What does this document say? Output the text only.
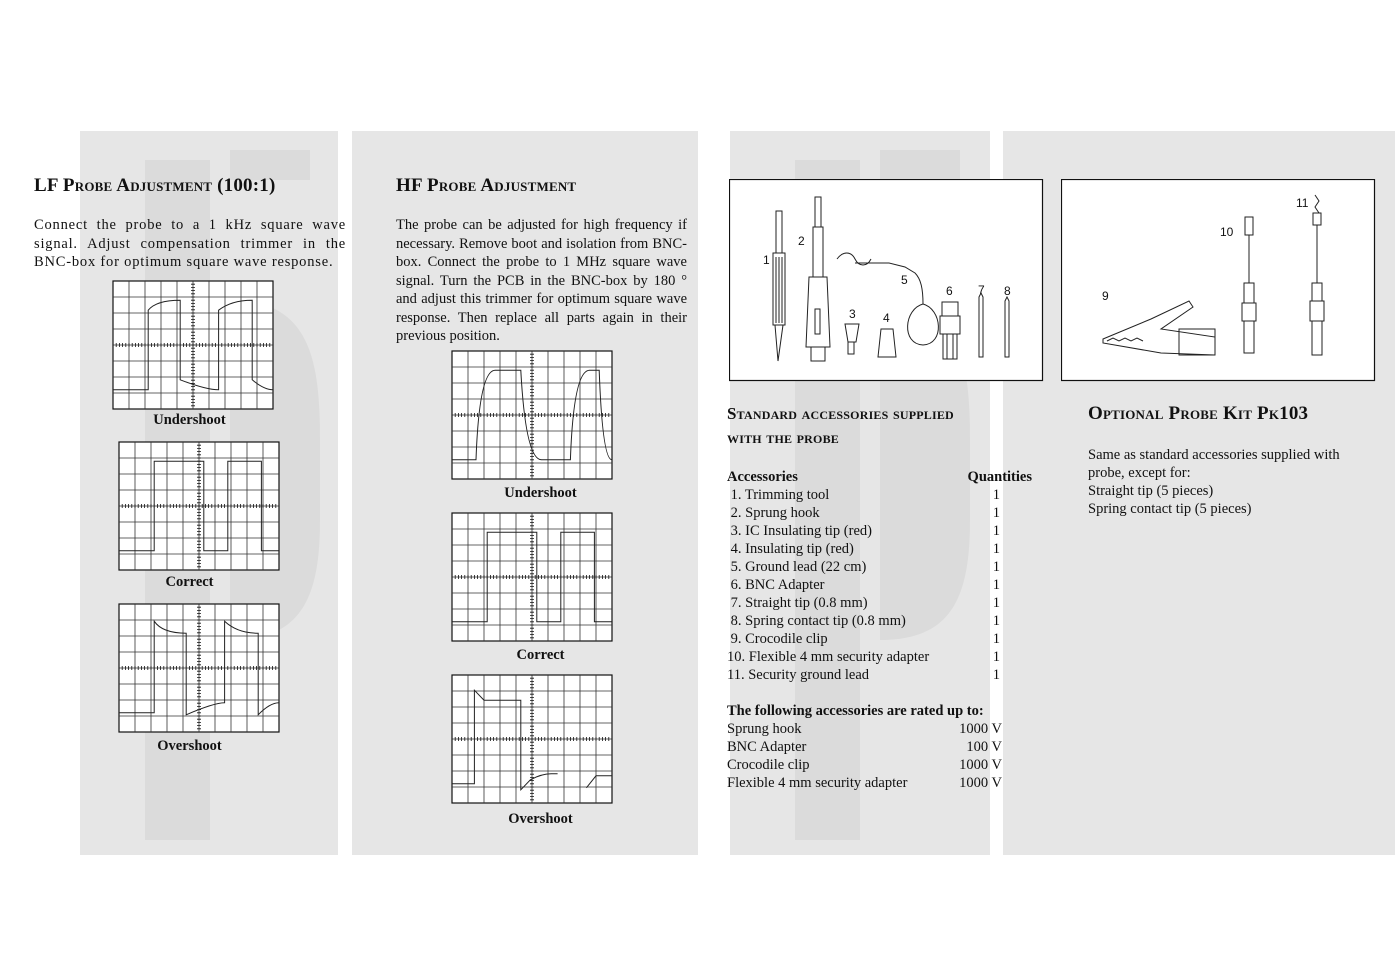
LF Probe Adjustment (100:1)

Connect the probe to a 1 kHz square wave signal. Adjust compensation trimmer in the BNC-box for optimum square wave response.

Undershoot
Correct
Overshoot
HF Probe Adjustment

The probe can be adjusted for high frequency if necessary. Remove boot and isolation from BNC-box. Connect the probe to 1 MHz square wave signal. Turn the PCB in the BNC-box by 180 ° and adjust this trimmer for optimum square wave response. Then replace all parts again in their previous position.

Undershoot
Correct
Overshoot
1
2
3 4
5
6 7 8	9
10
11
Standard accessories supplied
with the probe
Accessories	Quantities
1. Trimming tool	1
2. Sprung hook	1
3. IC Insulating tip (red)	1
4. Insulating tip (red)	1
5. Ground lead (22 cm)	1
6. BNC Adapter	1
7. Straight tip (0.8 mm)	1
8. Spring contact tip (0.8 mm)	1
9. Crocodile clip	1
10. Flexible 4 mm security adapter	1
11. Security ground lead	1
The following accessories are rated up to:
Sprung hook	1000 V
BNC Adapter	100 V
Crocodile clip	1000 V
Flexible 4 mm security adapter	1000 V
Optional Probe Kit Pk103

Same as standard accessories supplied with probe, except for:

Straight tip (5 pieces)

Spring contact tip (5 pieces)
